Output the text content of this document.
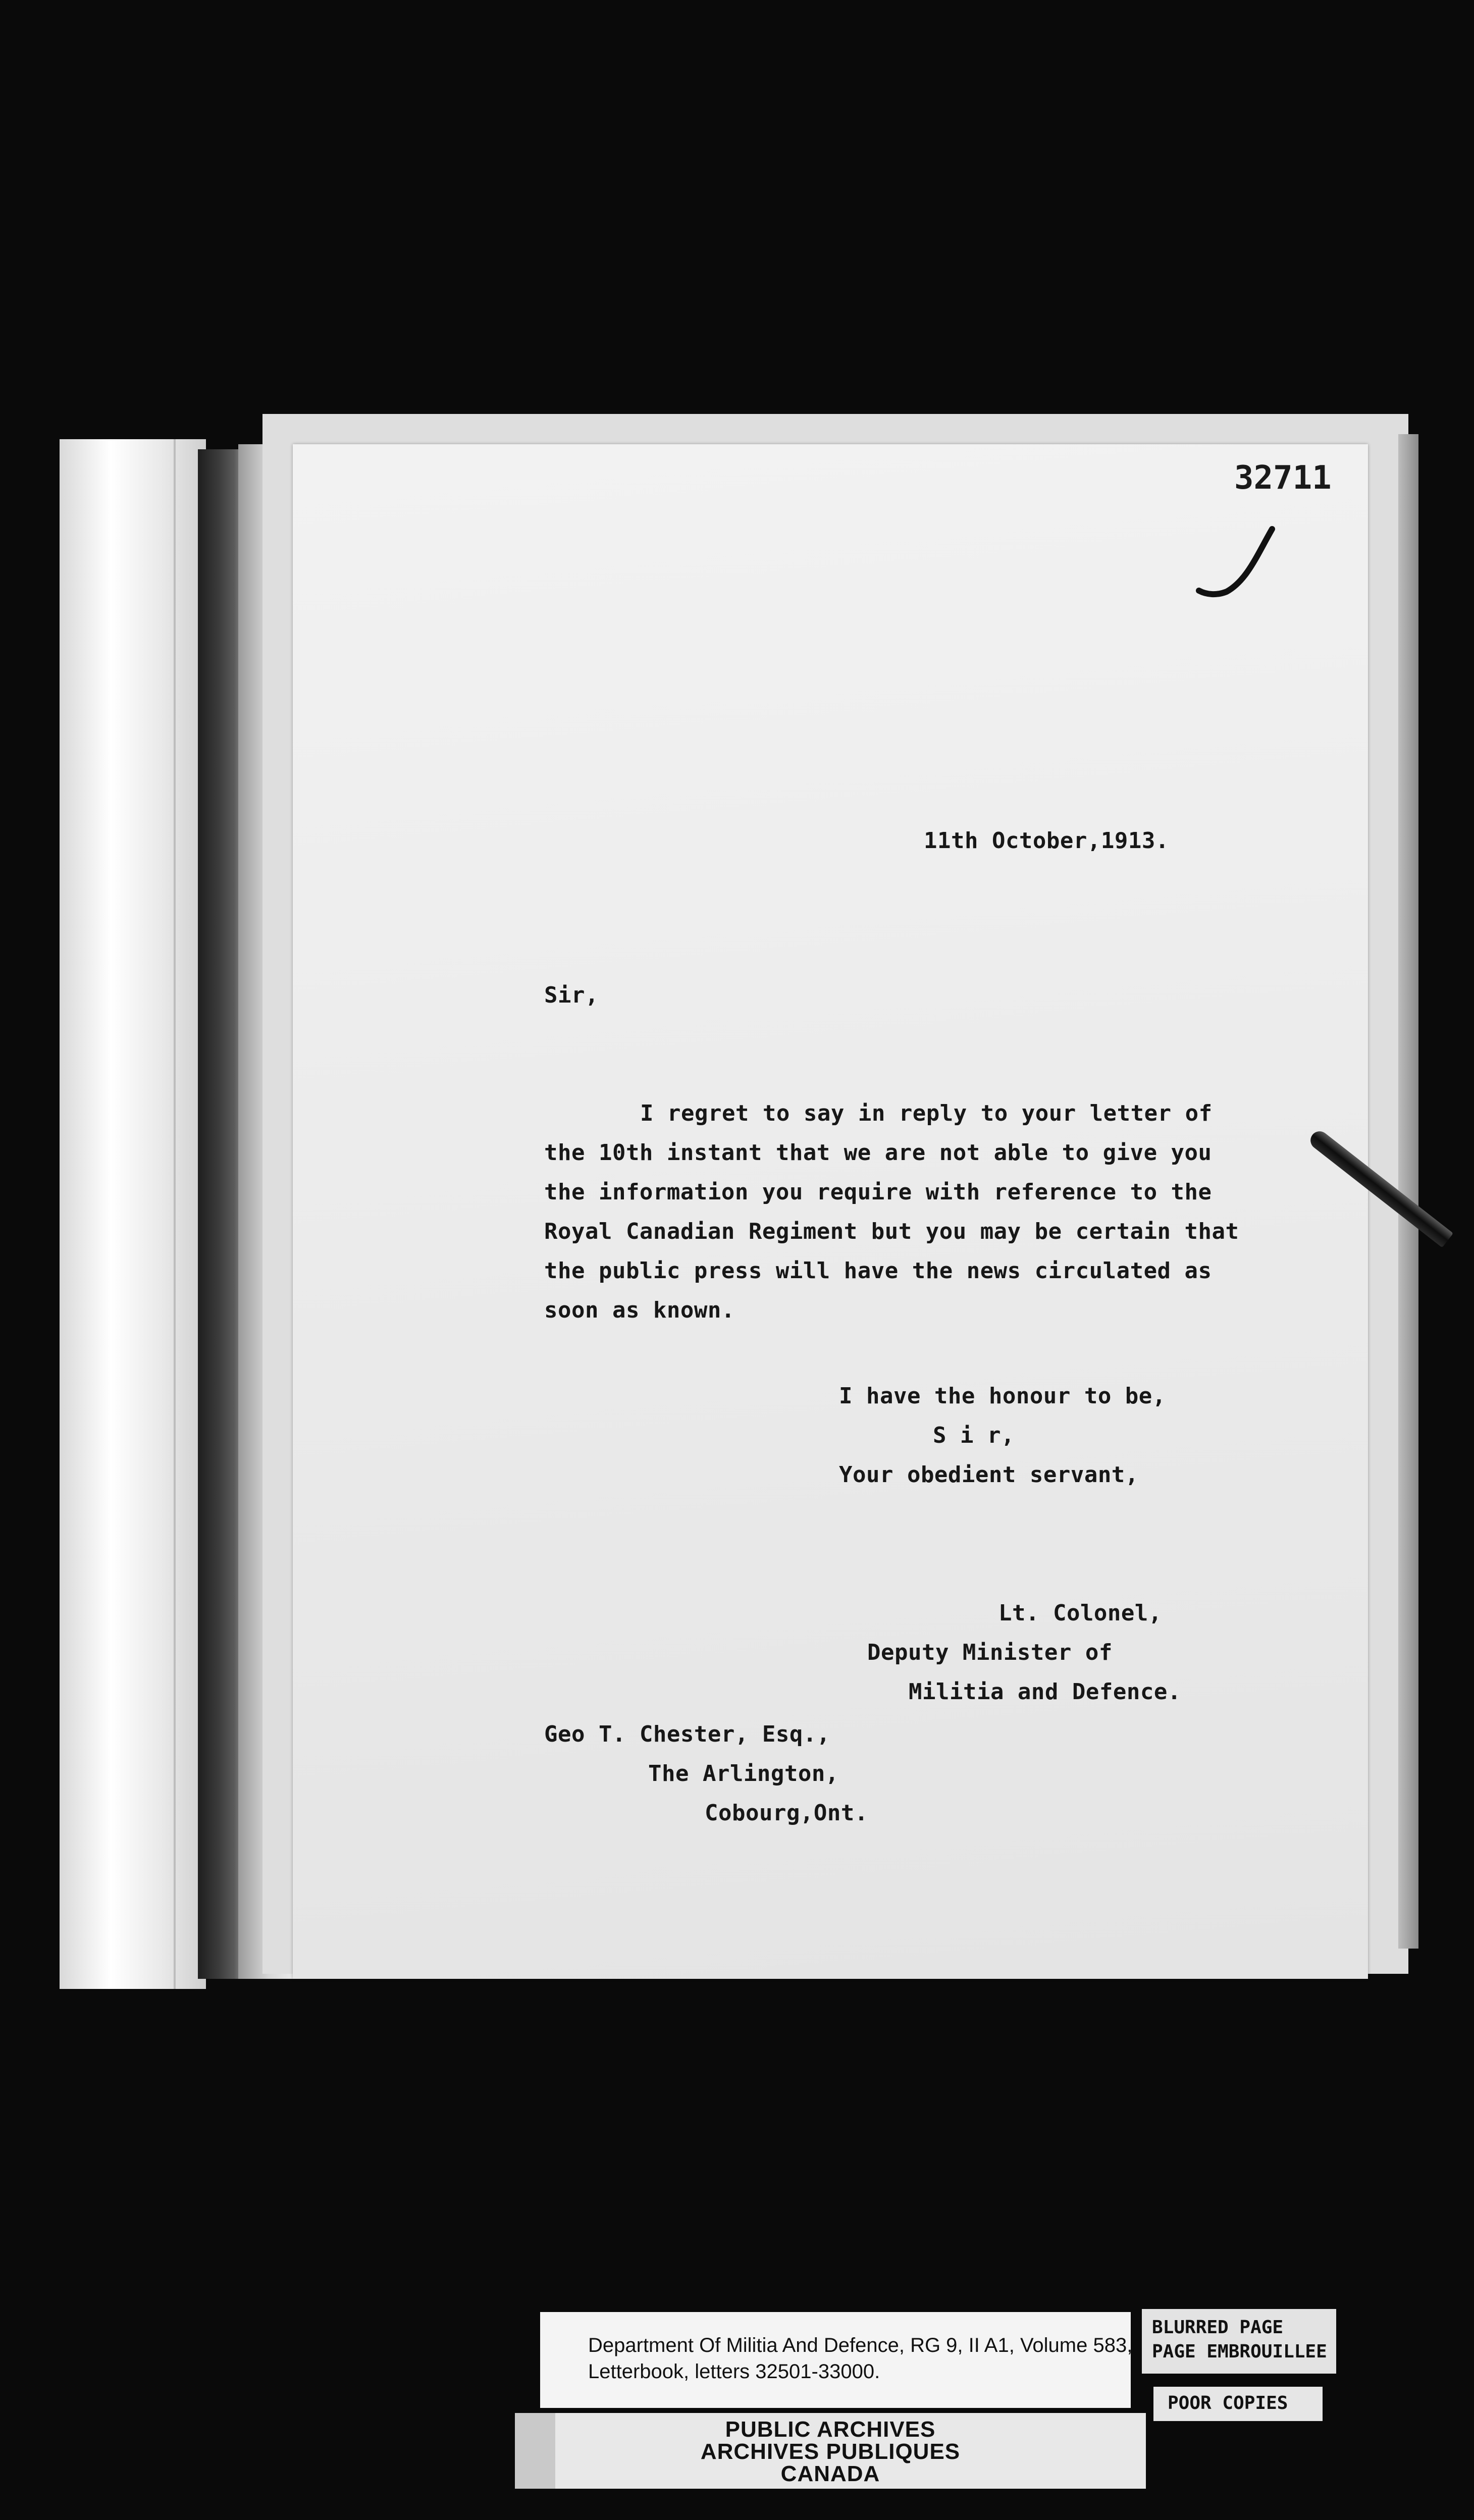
32711
11th October,1913.
Sir,
I regret to say in reply to your letter of
the 10th instant that we are not able to give you
the information you require with reference to the
Royal Canadian Regiment but you may be certain that
the public press will have the news circulated as
soon as known.
I have the honour to be,
S i r,
Your obedient servant,
Lt. Colonel,
Deputy Minister of
Militia and Defence.
Geo T. Chester, Esq.,
The Arlington,
Cobourg,Ont.
Department Of Militia And Defence, RG 9, II A1, Volume 583,
Letterbook, letters 32501-33000.
PUBLIC ARCHIVES
ARCHIVES PUBLIQUES
CANADA
BLURRED PAGE
PAGE EMBROUILLEE
POOR COPIES
